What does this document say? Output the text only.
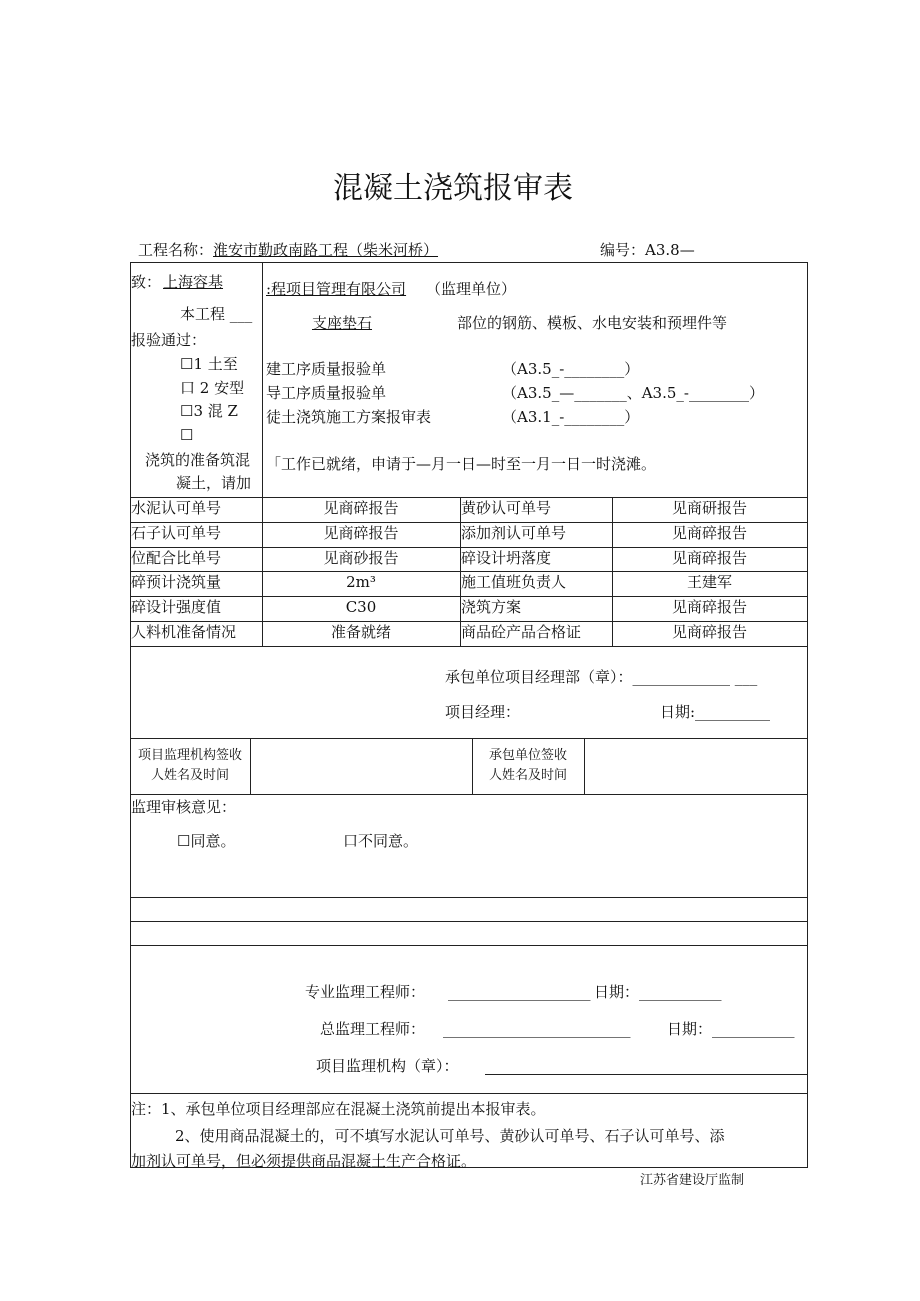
混凝土浇筑报审表
工程名称： 淮安市勤政南路工程（柴米河桥）	编号：A3.8—
致： 上海容基	:程项目管理有限公司 （监理单位）
本工程 ___	支座垫石	部位的钢筋、模板、水电安装和预埋件等
报验通过：
☐1 土至 建工序质量报验单	（A3.5_-________）
口 2 安型 导工序质量报验单	（A3.5_—_______、A3.5_-________）
☐3 混 Z 徒土浇筑施工方案报审表	（A3.1_-________）
☐
浇筑的准备筑混 「工作已就绪，申请于—月一日—时至一月一日一时浇滩。
凝土，请加
水泥认可单号	见商碎报告	黄砂认可单号	见商研报告
石子认可单号	见商碎报告	添加剂认可单号	见商碎报告
位配合比单号	见商砂报告	碎设计坍落度	见商碎报告
碎预计浇筑量	2m³	施工值班负责人	王建军
碎设计强度值	C30	浇筑方案	见商碎报告
人料机准备情况	准备就绪	商品砼产品合格证	见商碎报告
承包单位项目经理部（章）：_____________ ___
项目经理：	日期:__________
项目监理机构签收
人姓名及时间
承包单位签收
人姓名及时间
监理审核意见：
☐同意。	口不同意。
专业监理工程师： ___________________ 日期：___________
总监理工程师： _________________________ 日期：___________
项目监理机构（章）：
注：1、承包单位项目经理部应在混凝土浇筑前提出本报审表。
2、使用商品混凝土的，可不填写水泥认可单号、黄砂认可单号、石子认可单号、添
加剂认可单号，但必须提供商品混凝土生产合格证。
江苏省建设厅监制
